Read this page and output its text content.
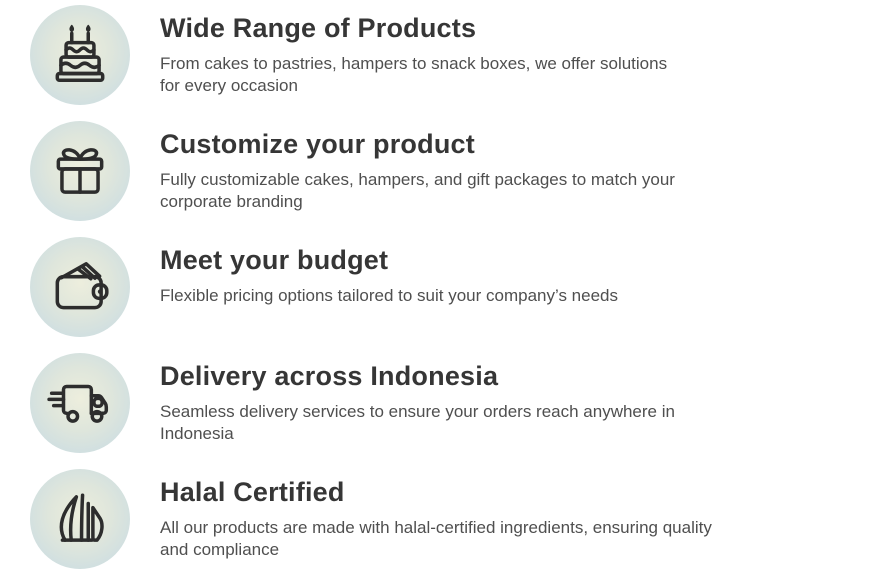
Wide Range of Products

From cakes to pastries, hampers to snack boxes, we offer solutions
for every occasion

Customize your product

Fully customizable cakes, hampers, and gift packages to match your
corporate branding

Meet your budget

Flexible pricing options tailored to suit your company’s needs

Delivery across Indonesia

Seamless delivery services to ensure your orders reach anywhere in
Indonesia

Halal Certified

All our products are made with halal-certified ingredients, ensuring quality
and compliance
